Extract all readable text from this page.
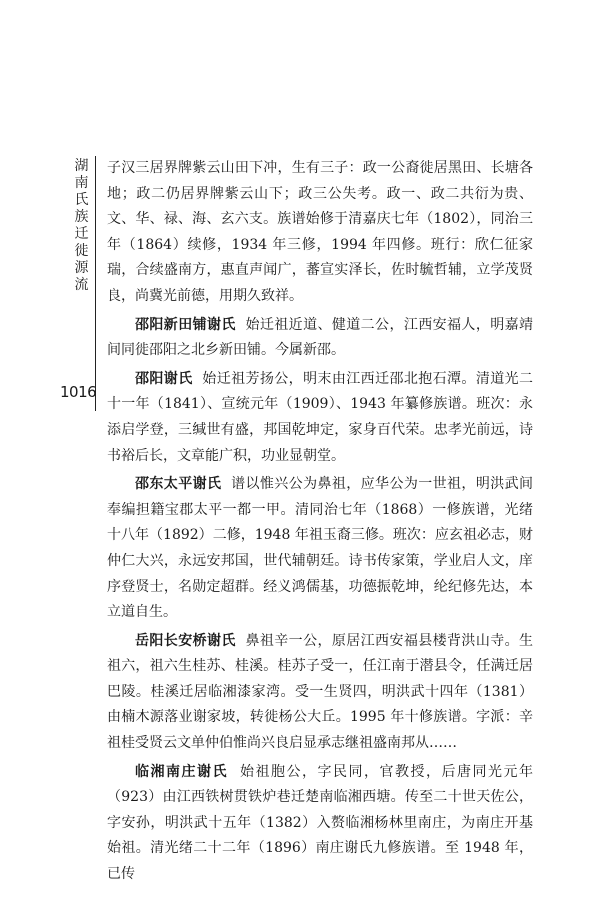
湖南氏族迁徙源流
1016

子汉三居界牌紫云山田下冲，生有三子：政一公裔徙居黑田、长塘各地；政二仍居界牌紫云山下；政三公失考。政一、政二共衍为贵、文、华、禄、海、玄六支。族谱始修于清嘉庆七年（1802），同治三年（1864）续修，1934 年三修，1994 年四修。班行：欣仁征家瑞，合续盛南方，惠直声闻广，蕃宣实泽长，佐时毓哲辅，立学茂贤良，尚冀光前德，用期久致祥。

邵阳新田铺谢氏 始迁祖近道、健道二公，江西安福人，明嘉靖间同徙邵阳之北乡新田铺。今属新邵。

邵阳谢氏 始迁祖芳扬公，明末由江西迁邵北抱石潭。清道光二十一年（1841）、宣统元年（1909）、1943 年纂修族谱。班次：永添启学登，三缄世有盛，邦国乾坤定，家身百代荣。忠孝光前远，诗书裕后长，文章能广积，功业显朝堂。

邵东太平谢氏 谱以惟兴公为鼻祖，应华公为一世祖，明洪武间奉编担籍宝郡太平一都一甲。清同治七年（1868）一修族谱，光绪十八年（1892）二修，1948 年祖玉裔三修。班次：应玄祖必志，财仲仁大兴，永远安邦国，世代辅朝廷。诗书传家策，学业启人文，庠序登贤士，名勋定超群。经义鸿儒基，功德振乾坤，纶纪修先达，本立道自生。

岳阳长安桥谢氏 鼻祖辛一公，原居江西安福县楼背洪山寺。生祖六，祖六生桂苏、桂溪。桂苏子受一，任江南于潜县令，任满迁居巴陵。桂溪迁居临湘漆家湾。受一生贤四，明洪武十四年（1381）由楠木源落业谢家坡，转徙杨公大丘。1995 年十修族谱。字派：辛祖桂受贤云文单仲伯惟尚兴良启显承志继祖盛南邦从……

临湘南庄谢氏 始祖胞公，字民同，官教授，后唐同光元年（923）由江西铁树贯铁炉巷迁楚南临湘西塘。传至二十世天佐公，字安孙，明洪武十五年（1382）入赘临湘杨林里南庄，为南庄开基始祖。清光绪二十二年（1896）南庄谢氏九修族谱。至 1948 年，已传
